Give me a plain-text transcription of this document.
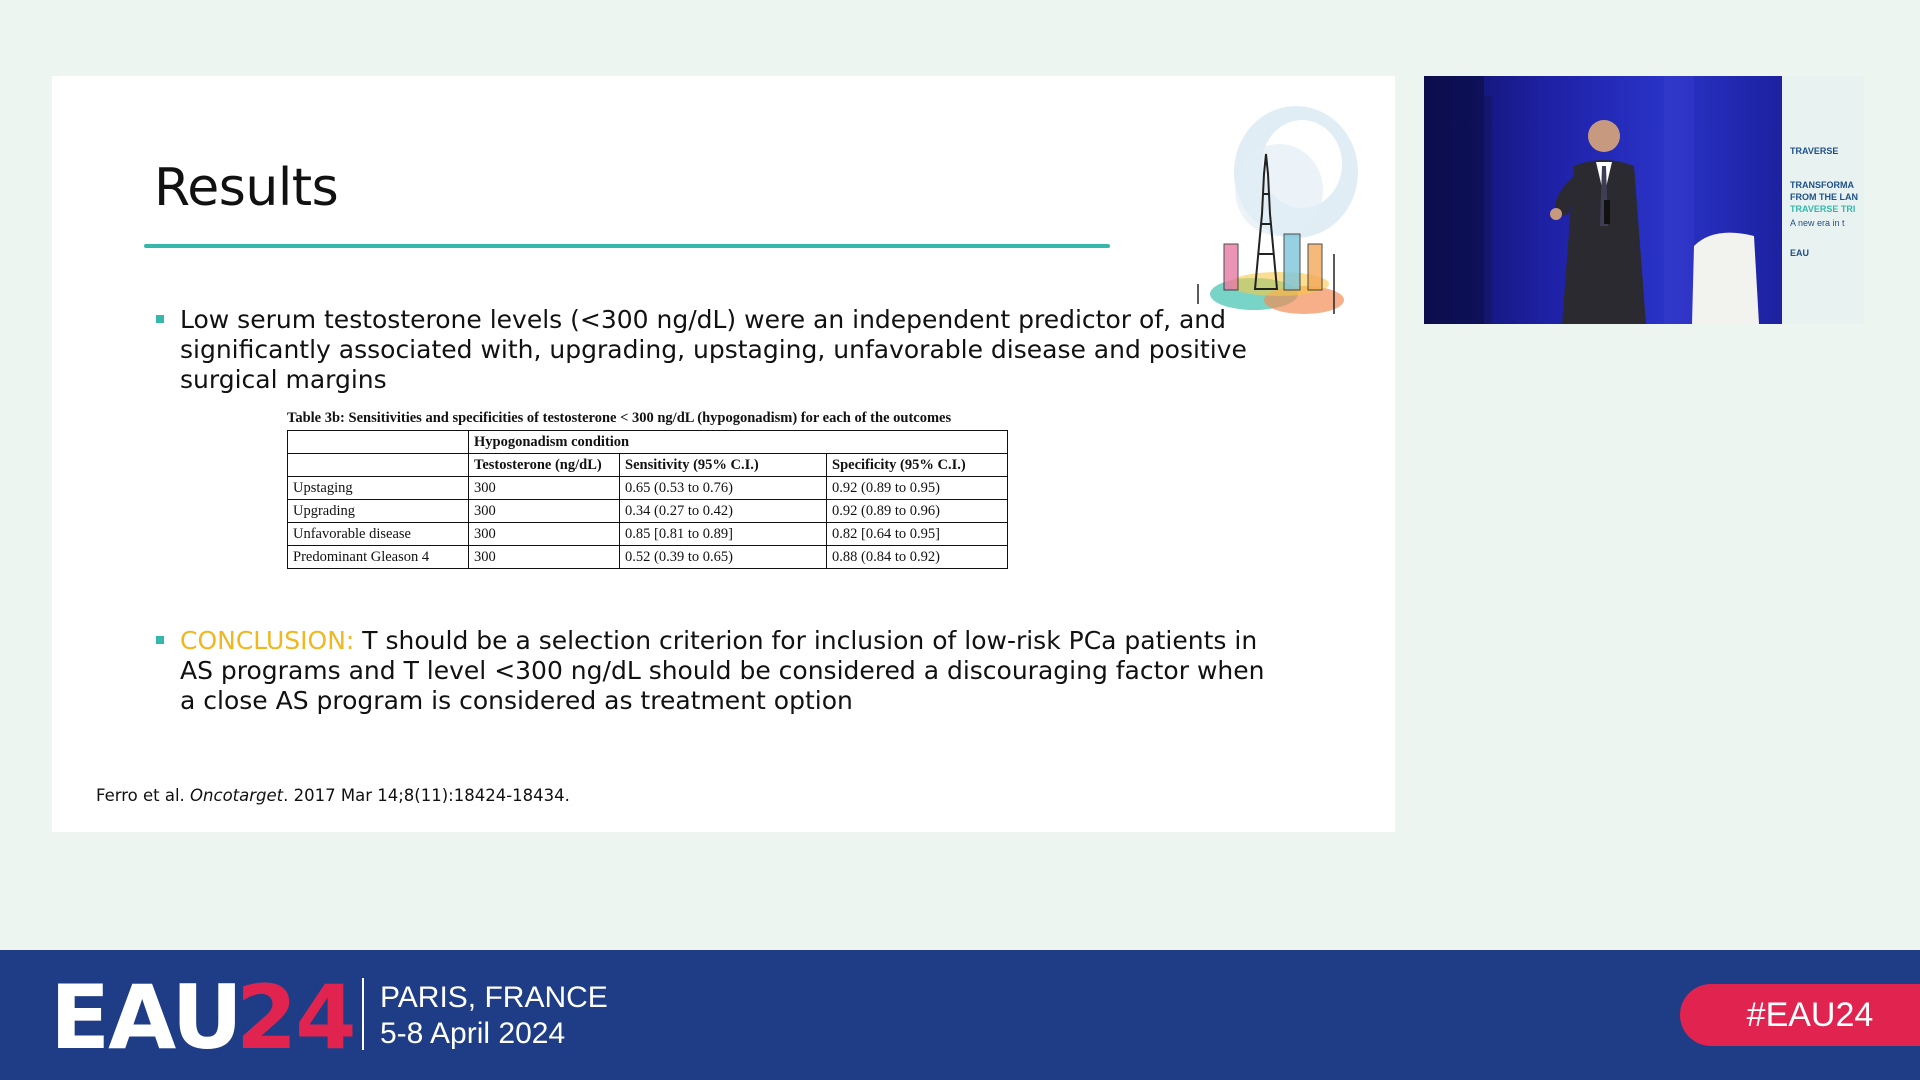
Results
Low serum testosterone levels (<300 ng/dL) were an independent predictor of, and significantly associated with, upgrading, upstaging, unfavorable disease and positive surgical margins
Table 3b: Sensitivities and specificities of testosterone < 300 ng/dL (hypogonadism) for each of the outcomes
	Hypogonadism condition		
	Testosterone (ng/dL)	Sensitivity (95% C.I.)	Specificity (95% C.I.)
Upstaging	300	0.65 (0.53 to 0.76)	0.92 (0.89 to 0.95)
Upgrading	300	0.34 (0.27 to 0.42)	0.92 (0.89 to 0.96)
Unfavorable disease	300	0.85 [0.81 to 0.89]	0.82 [0.64 to 0.95]
Predominant Gleason 4	300	0.52 (0.39 to 0.65)	0.88 (0.84 to 0.92)
CONCLUSION: T should be a selection criterion for inclusion of low-risk PCa patients in AS programs and T level <300 ng/dL should be considered a discouraging factor when a close AS program is considered as treatment option
Ferro et al. Oncotarget. 2017 Mar 14;8(11):18424-18434.
TRAVERSE
TRANSFORMA
FROM THE LAN
TRAVERSE TRI
A new era in t
EAU
EAU
24 PARIS, FRANCE
5-8 April 2024	#EAU24
